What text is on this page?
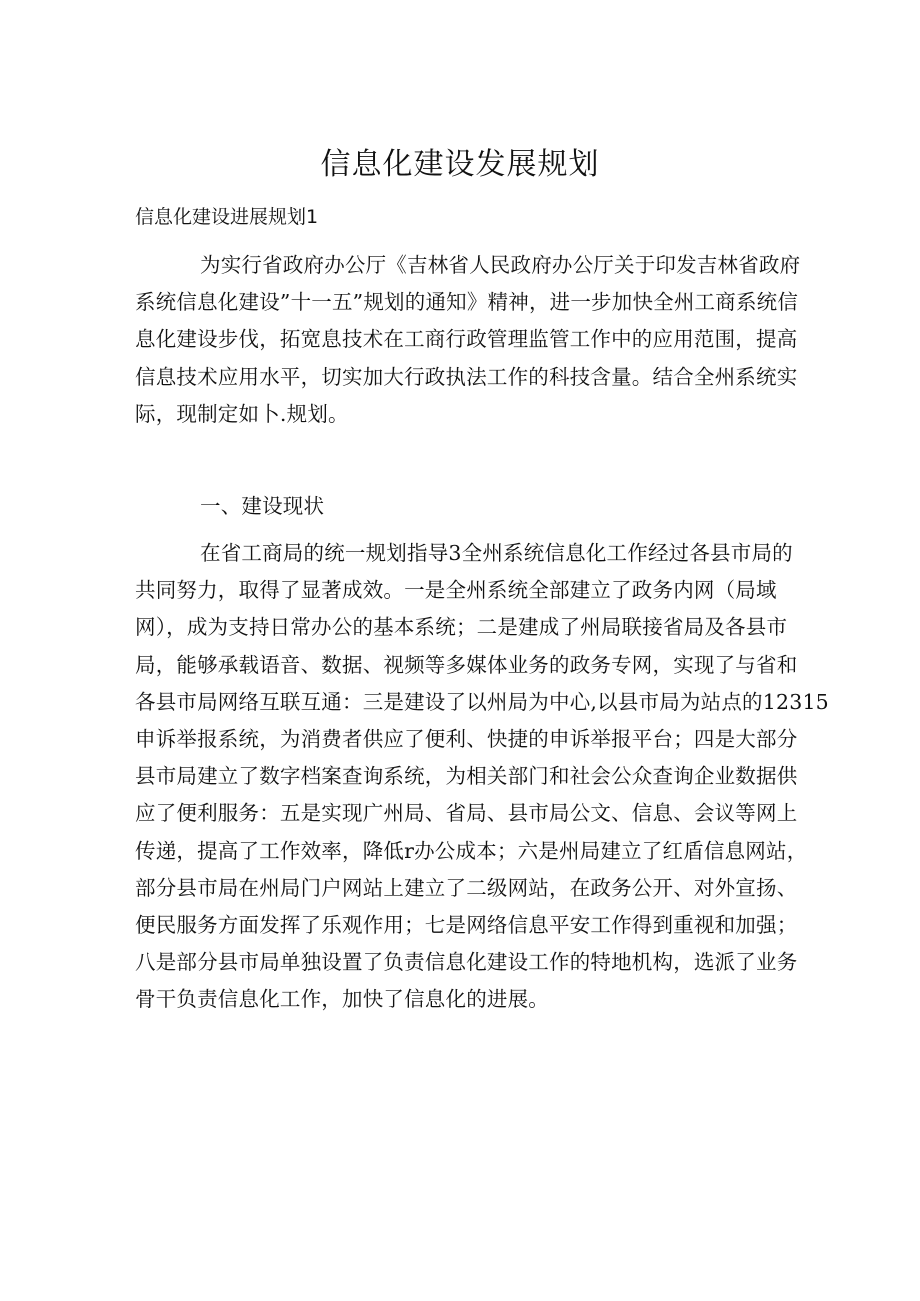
信息化建设发展规划
信息化建设进展规划1
为实行省政府办公厅《吉林省人民政府办公厅关于印发吉林省政府
系统信息化建设”十一五”规划的通知》精神，进一步加快全州工商系统信
息化建设步伐，拓宽息技术在工商行政管理监管工作中的应用范围，提高
信息技术应用水平，切实加大行政执法工作的科技含量。结合全州系统实
际，现制定如卜.规划。
一、建设现状
在省工商局的统一规划指导3全州系统信息化工作经过各县市局的
共同努力，取得了显著成效。一是全州系统全部建立了政务内网（局域
网），成为支持日常办公的基本系统；二是建成了州局联接省局及各县市
局，能够承载语音、数据、视频等多媒体业务的政务专网，实现了与省和
各县市局网络互联互通：三是建设了以州局为中心,以县市局为站点的12315
申诉举报系统，为消费者供应了便利、快捷的申诉举报平台；四是大部分
县市局建立了数字档案查询系统，为相关部门和社会公众查询企业数据供
应了便利服务：五是实现广州局、省局、县市局公文、信息、会议等网上
传递，提高了工作效率，降低r办公成本；六是州局建立了红盾信息网站，
部分县市局在州局门户网站上建立了二级网站，在政务公开、对外宣扬、
便民服务方面发挥了乐观作用；七是网络信息平安工作得到重视和加强；
八是部分县市局单独设置了负责信息化建设工作的特地机构，选派了业务
骨干负责信息化工作，加快了信息化的进展。
